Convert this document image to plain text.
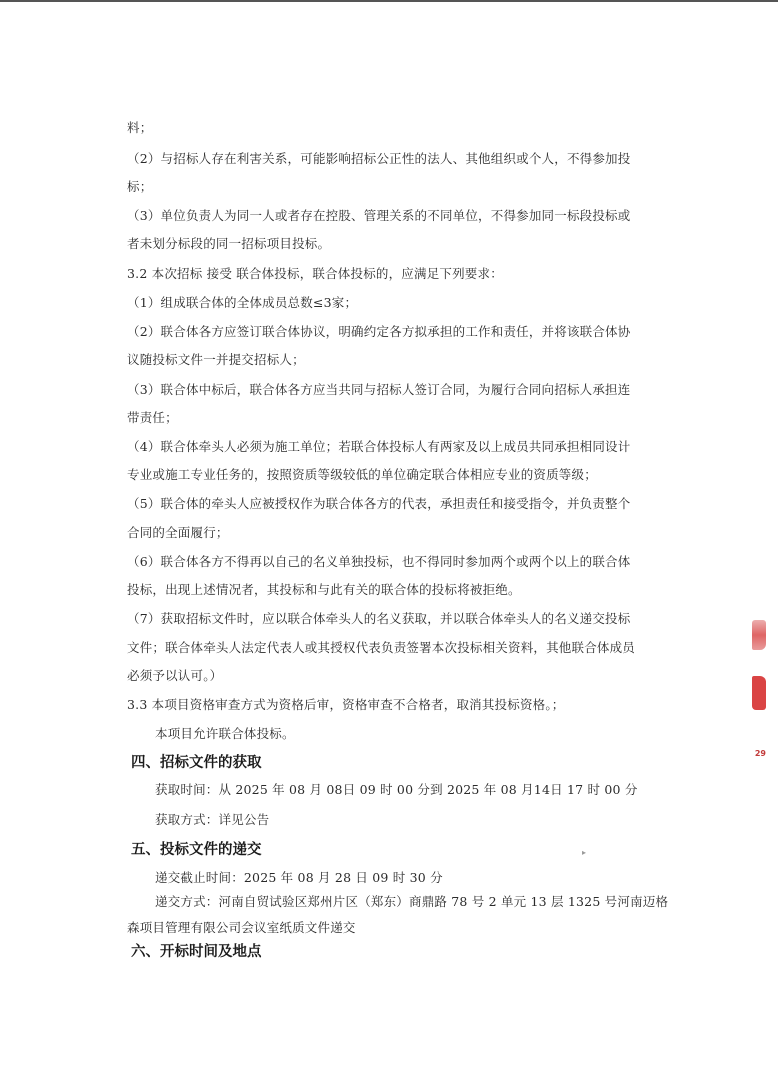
料；
（2）与招标人存在利害关系，可能影响招标公正性的法人、其他组织或个人，不得参加投
标；
（3）单位负责人为同一人或者存在控股、管理关系的不同单位，不得参加同一标段投标或
者未划分标段的同一招标项目投标。
3.2 本次招标 接受 联合体投标，联合体投标的，应满足下列要求：
（1）组成联合体的全体成员总数≤3家；
（2）联合体各方应签订联合体协议，明确约定各方拟承担的工作和责任，并将该联合体协
议随投标文件一并提交招标人；
（3）联合体中标后，联合体各方应当共同与招标人签订合同，为履行合同向招标人承担连
带责任；
（4）联合体牵头人必须为施工单位；若联合体投标人有两家及以上成员共同承担相同设计
专业或施工专业任务的，按照资质等级较低的单位确定联合体相应专业的资质等级；
（5）联合体的牵头人应被授权作为联合体各方的代表，承担责任和接受指令，并负责整个
合同的全面履行；
（6）联合体各方不得再以自己的名义单独投标，也不得同时参加两个或两个以上的联合体
投标，出现上述情况者，其投标和与此有关的联合体的投标将被拒绝。
（7）获取招标文件时，应以联合体牵头人的名义获取，并以联合体牵头人的名义递交投标
文件；联合体牵头人法定代表人或其授权代表负责签署本次投标相关资料，其他联合体成员
必须予以认可。）
3.3 本项目资格审查方式为资格后审，资格审查不合格者，取消其投标资格。；
本项目允许联合体投标。
四、招标文件的获取
获取时间：从 2025 年 08 月 08日 09 时 00 分到 2025 年 08 月14日 17 时 00 分
获取方式：详见公告
五、投标文件的递交
递交截止时间：2025 年 08 月 28 日 09 时 30 分
递交方式：河南自贸试验区郑州片区（郑东）商鼎路 78 号 2 单元 13 层 1325 号河南迈格
森项目管理有限公司会议室纸质文件递交
六、开标时间及地点
29
▸
